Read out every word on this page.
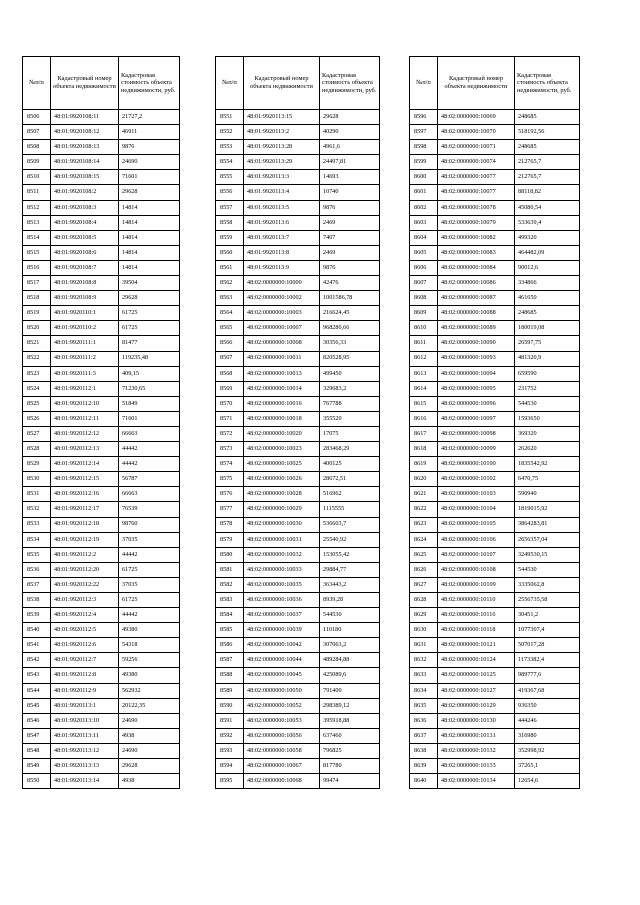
№п/п	Кадастровый номер объекта недвижимости	Кадастровая стоимость объекта недвижимости, руб.
8506	48:01:9920108:11	21727,2
8507	48:01:9920108:12	46911
8508	48:01:9920108:13	9876
8509	48:01:9920108:14	24690
8510	48:01:9920108:15	71601
8511	48:01:9920108:2	29628
8512	48:01:9920108:3	14814
8513	48:01:9920108:4	14814
8514	48:01:9920108:5	14814
8515	48:01:9920108:6	14814
8516	48:01:9920108:7	14814
8517	48:01:9920108:8	39504
8518	48:01:9920108:9	29628
8519	48:01:9920110:1	61725
8520	48:01:9920110:2	61725
8521	48:01:9920111:1	81477
8522	48:01:9920111:2	119235,48
8523	48:01:9920111:3	409,15
8524	48:01:9920112:1	71230,65
8525	48:01:9920112:10	51849
8526	48:01:9920112:11	71601
8527	48:01:9920112:12	66663
8528	48:01:9920112:13	44442
8529	48:01:9920112:14	44442
8530	48:01:9920112:15	56787
8531	48:01:9920112:16	66663
8532	48:01:9920112:17	76539
8533	48:01:9920112:18	98760
8534	48:01:9920112:19	37035
8535	48:01:9920112:2	44442
8536	48:01:9920112:20	61725
8537	48:01:9920112:22	37035
8538	48:01:9920112:3	61725
8539	48:01:9920112:4	44442
8540	48:01:9920112:5	49380
8541	48:01:9920112:6	54318
8542	48:01:9920112:7	59256
8543	48:01:9920112:8	49380
8544	48:01:9920112:9	562932
8545	48:01:9920113:1	20122,35
8546	48:01:9920113:10	24690
8547	48:01:9920113:11	4938
8548	48:01:9920113:12	24690
8549	48:01:9920113:13	29628
8550	48:01:9920113:14	4938
№п/п	Кадастровый номер объекта недвижимости	Кадастровая стоимость объекта недвижимости, руб.
8551	48:01:9920113:15	29628
8552	48:01:9920113:2	40290
8553	48:01:9920113:28	4961,6
8554	48:01:9920113:29	24497,81
8555	48:01:9920113:3	14693
8556	48:01:9920113:4	10740
8557	48:01:9920113:5	9876
8558	48:01:9920113:6	2469
8559	48:01:9920113:7	7407
8560	48:01:9920113:8	2469
8561	48:01:9920113:9	9876
8562	48:02:0000000:10000	42476
8563	48:02:0000000:10002	1001586,78
8564	48:02:0000000:10003	216624,45
8565	48:02:0000000:10007	968280,66
8566	48:02:0000000:10008	30356,33
8567	48:02:0000000:10011	820528,95
8568	48:02:0000000:10013	499450
8569	48:02:0000000:10014	329683,2
8570	48:02:0000000:10016	767788
8571	48:02:0000000:10018	355520
8572	48:02:0000000:10020	17075
8573	48:02:0000000:10023	283468,29
8574	48:02:0000000:10025	400125
8575	48:02:0000000:10026	28672,51
8576	48:02:0000000:10028	516962
8577	48:02:0000000:10029	1115555
8578	48:02:0000000:10030	536603,7
8579	48:02:0000000:10031	25540,92
8580	48:02:0000000:10032	153055,42
8581	48:02:0000000:10033	29884,77
8582	48:02:0000000:10035	363443,2
8583	48:02:0000000:10036	8939,28
8584	48:02:0000000:10037	544530
8585	48:02:0000000:10039	110180
8586	48:02:0000000:10042	307063,2
8587	48:02:0000000:10044	489284,88
8588	48:02:0000000:10045	425089,6
8589	48:02:0000000:10050	791400
8590	48:02:0000000:10052	298389,12
8591	48:02:0000000:10053	395918,88
8592	48:02:0000000:10056	637460
8593	48:02:0000000:10058	796825
8594	48:02:0000000:10067	817780
8595	48:02:0000000:10068	99474
№п/п	Кадастровый номер объекта недвижимости	Кадастровая стоимость объекта недвижимости, руб.
8596	48:02:0000000:10069	248685
8597	48:02:0000000:10070	518192,56
8598	48:02:0000000:10071	248685
8599	48:02:0000000:10074	212765,7
8600	48:02:0000000:10077	212765,7
8601	48:02:0000000:10077	88118,82
8602	48:02:0000000:10078	45080,54
8603	48:02:0000000:10079	533639,4
8604	48:02:0000000:10082	499320
8605	48:02:0000000:10083	464482,09
8606	48:02:0000000:10084	90012,6
8607	48:02:0000000:10086	334866
8608	48:02:0000000:10087	461650
8609	48:02:0000000:10088	248685
8610	48:02:0000000:10089	180019,08
8611	48:02:0000000:10090	26597,75
8612	48:02:0000000:10093	481320,9
8613	48:02:0000000:10094	659590
8614	48:02:0000000:10095	231752
8615	48:02:0000000:10096	544530
8616	48:02:0000000:10097	1593650
8617	48:02:0000000:10098	369320
8618	48:02:0000000:10099	262620
8619	48:02:0000000:10100	1835542,92
8620	48:02:0000000:10102	6470,75
8621	48:02:0000000:10103	590940
8622	48:02:0000000:10104	1819015,92
8623	48:02:0000000:10105	3864283,81
8624	48:02:0000000:10106	2656357,04
8625	48:02:0000000:10107	3249530,15
8626	48:02:0000000:10108	544530
8627	48:02:0000000:10109	3335062,8
8628	48:02:0000000:10110	2556735,58
8629	48:02:0000000:10116	30451,2
8630	48:02:0000000:10118	1077307,4
8631	48:02:0000000:10121	507017,28
8632	48:02:0000000:10124	1173382,4
8633	48:02:0000000:10125	989777,6
8634	48:02:0000000:10127	419367,68
8635	48:02:0000000:10129	936350
8636	48:02:0000000:10130	444246
8637	48:02:0000000:10131	316980
8638	48:02:0000000:10132	352998,92
8639	48:02:0000000:10133	37265,1
8640	48:02:0000000:10134	12654,6
